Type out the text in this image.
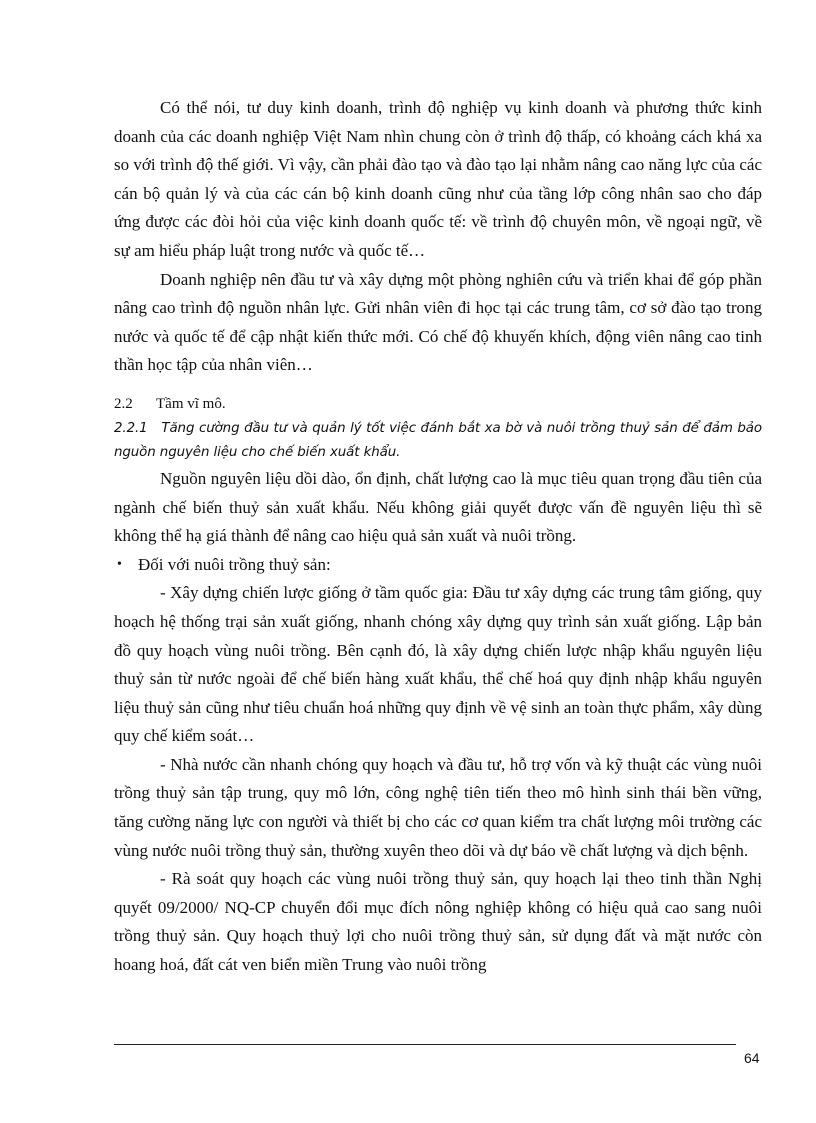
Có thể nói, tư duy kinh doanh, trình độ nghiệp vụ kinh doanh và phương thức kinh doanh của các doanh nghiệp Việt Nam nhìn chung còn ở trình độ thấp, có khoảng cách khá xa so với trình độ thế giới. Vì vậy, cần phải đào tạo và đào tạo lại nhằm nâng cao năng lực của các cán bộ quản lý và của các cán bộ kinh doanh cũng như của tầng lớp công nhân sao cho đáp ứng được các đòi hỏi của việc kinh doanh quốc tế: về trình độ chuyên môn, về ngoại ngữ, về sự am hiểu pháp luật trong nước và quốc tế…

Doanh nghiệp nên đầu tư và xây dựng một phòng nghiên cứu và triển khai để góp phần nâng cao trình độ nguồn nhân lực. Gửi nhân viên đi học tại các trung tâm, cơ sở đào tạo trong nước và quốc tế để cập nhật kiến thức mới. Có chế độ khuyến khích, động viên nâng cao tinh thần học tập của nhân viên…

2.2 Tầm vĩ mô.

2.2.1 Tăng cường đầu tư và quản lý tốt việc đánh bắt xa bờ và nuôi trồng thuỷ sản để đảm bảo nguồn nguyên liệu cho chế biến xuất khẩu.

Nguồn nguyên liệu dồi dào, ổn định, chất lượng cao là mục tiêu quan trọng đầu tiên của ngành chế biến thuỷ sản xuất khẩu. Nếu không giải quyết được vấn đề nguyên liệu thì sẽ không thể hạ giá thành để nâng cao hiệu quả sản xuất và nuôi trồng.

• Đối với nuôi trồng thuỷ sản:

- Xây dựng chiến lược giống ở tầm quốc gia: Đầu tư xây dựng các trung tâm giống, quy hoạch hệ thống trại sản xuất giống, nhanh chóng xây dựng quy trình sản xuất giống. Lập bản đồ quy hoạch vùng nuôi trồng. Bên cạnh đó, là xây dựng chiến lược nhập khẩu nguyên liệu thuỷ sản từ nước ngoài để chế biến hàng xuất khẩu, thể chế hoá quy định nhập khẩu nguyên liệu thuỷ sản cũng như tiêu chuẩn hoá những quy định về vệ sinh an toàn thực phẩm, xây dùng quy chế kiểm soát…

- Nhà nước cần nhanh chóng quy hoạch và đầu tư, hỗ trợ vốn và kỹ thuật các vùng nuôi trồng thuỷ sản tập trung, quy mô lớn, công nghệ tiên tiến theo mô hình sinh thái bền vững, tăng cường năng lực con người và thiết bị cho các cơ quan kiểm tra chất lượng môi trường các vùng nước nuôi trồng thuỷ sản, thường xuyên theo dõi và dự báo về chất lượng và dịch bệnh.

- Rà soát quy hoạch các vùng nuôi trồng thuỷ sản, quy hoạch lại theo tinh thần Nghị quyết 09/2000/ NQ-CP chuyển đổi mục đích nông nghiệp không có hiệu quả cao sang nuôi trồng thuỷ sản. Quy hoạch thuỷ lợi cho nuôi trồng thuỷ sản, sử dụng đất và mặt nước còn hoang hoá, đất cát ven biển miền Trung vào nuôi trồng

64
